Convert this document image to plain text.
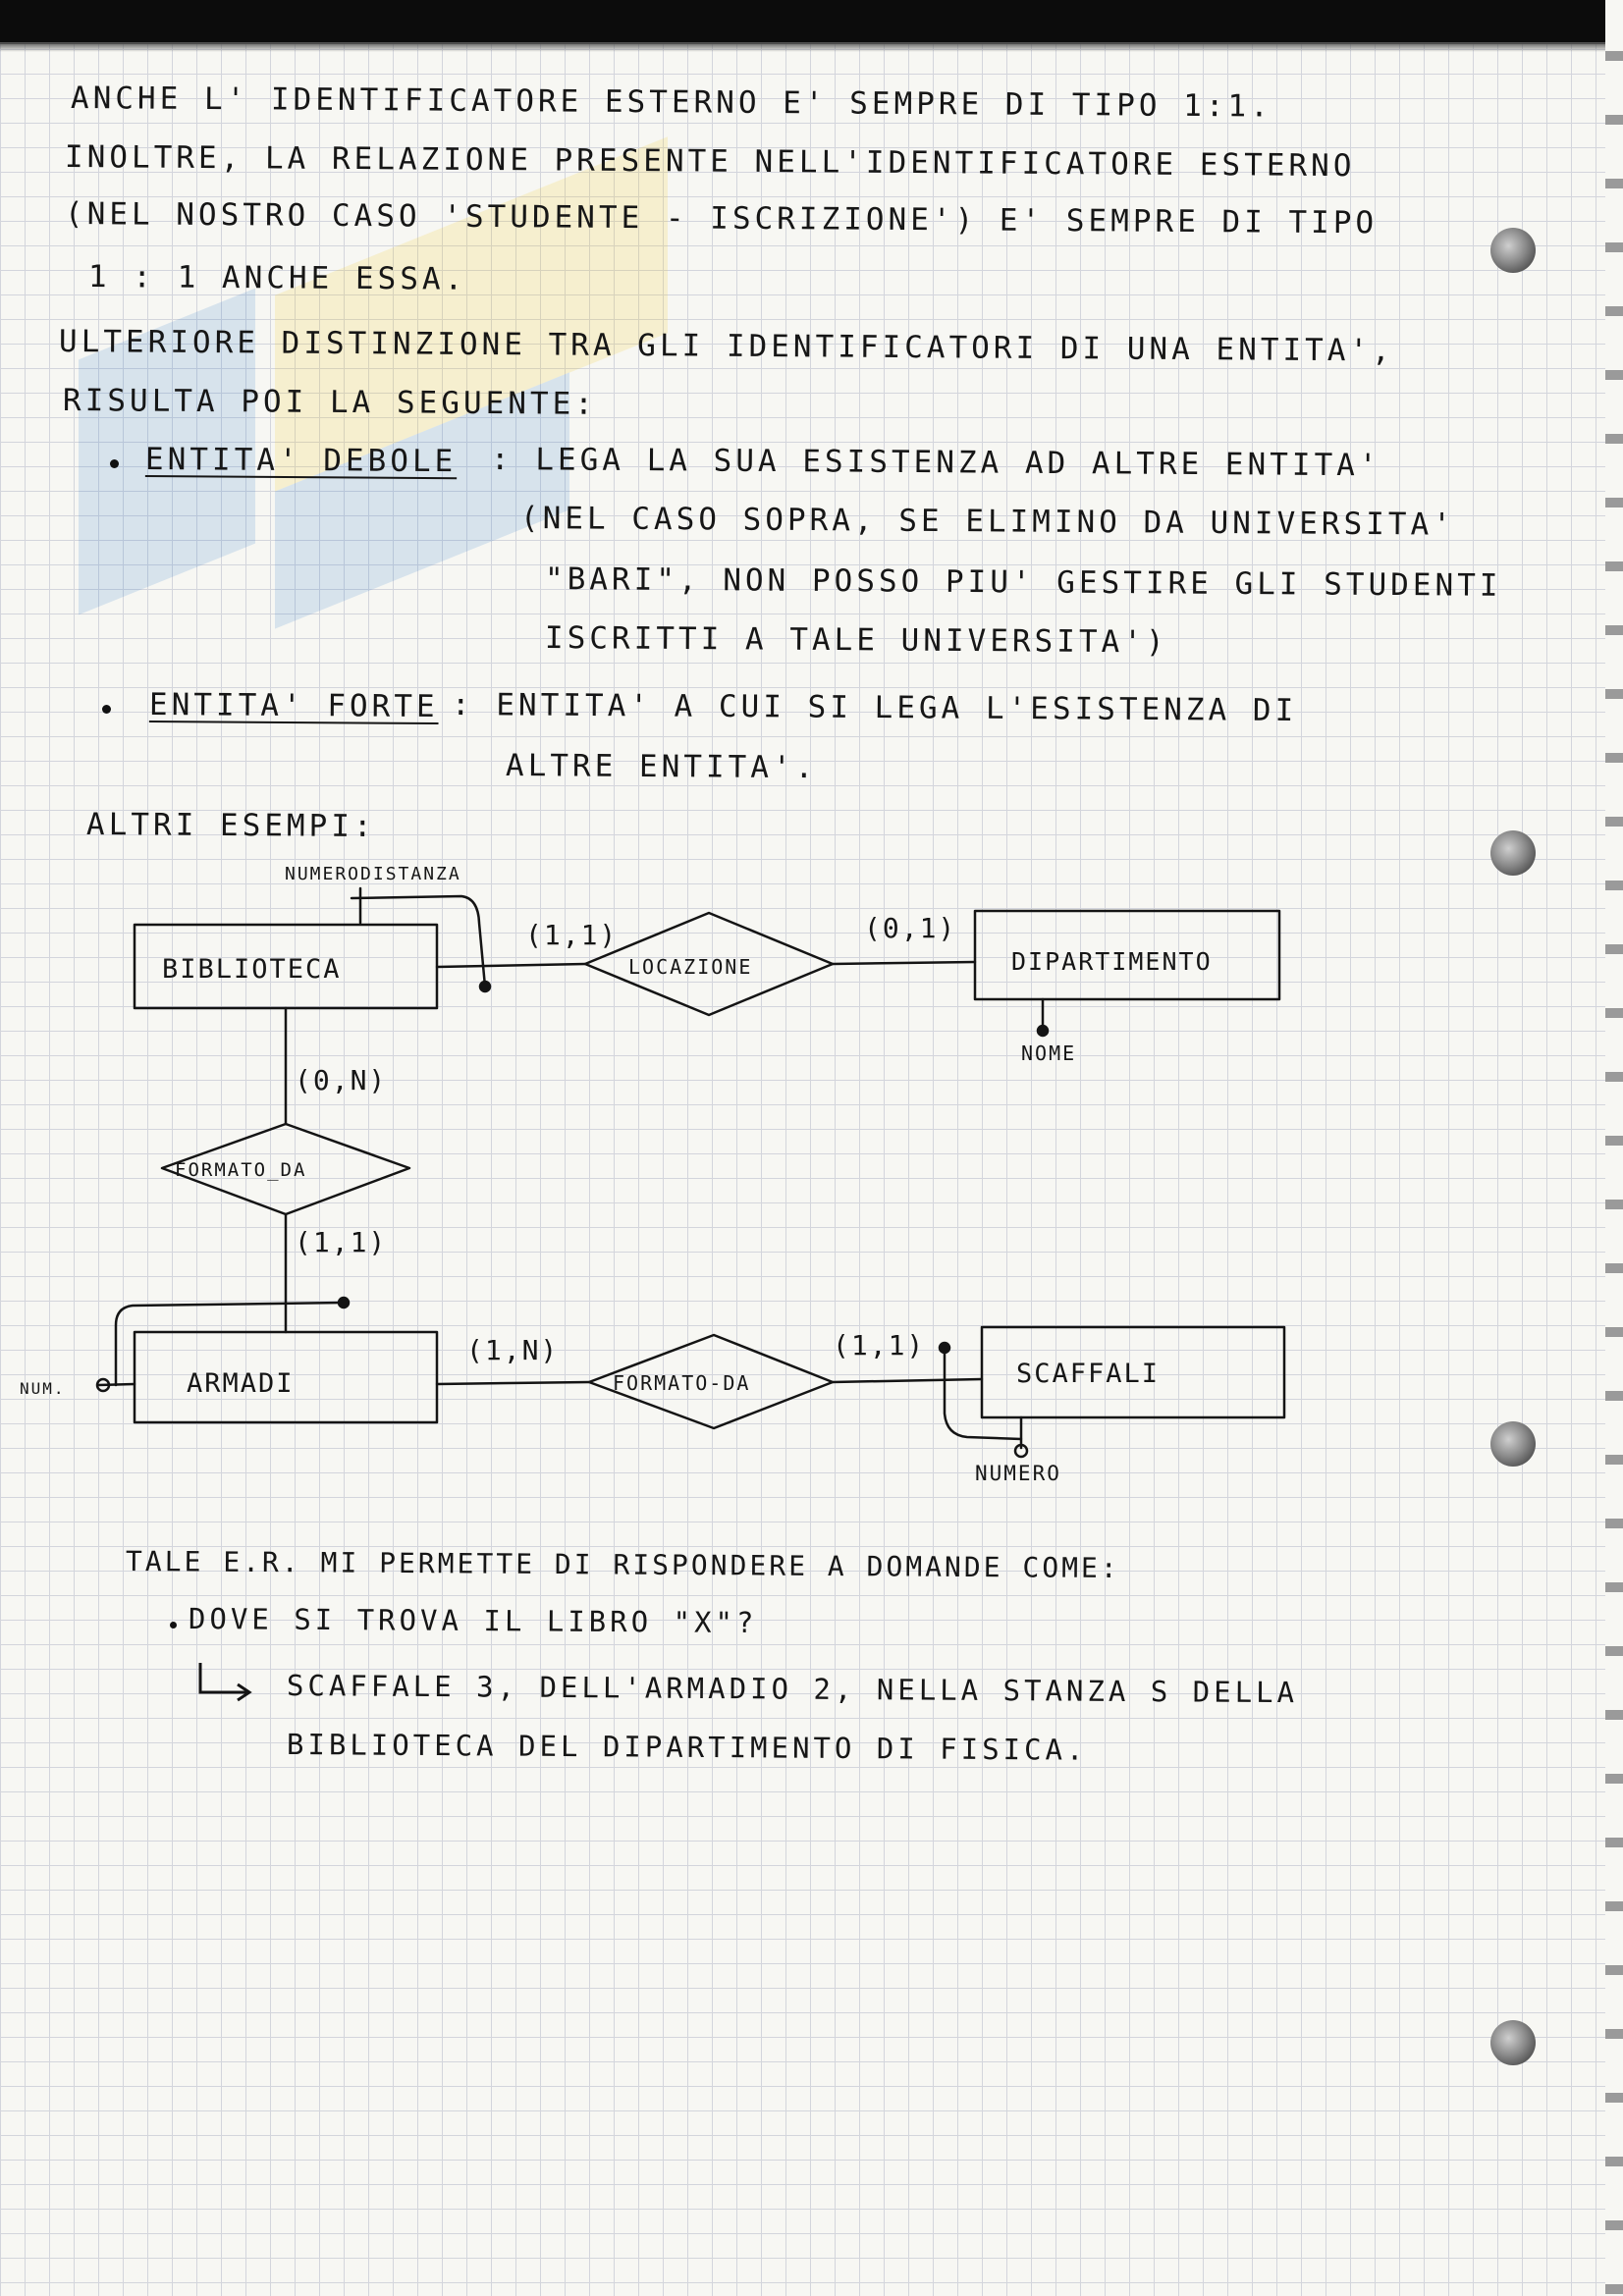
ANCHE L' IDENTIFICATORE ESTERNO E' SEMPRE DI TIPO 1:1.
INOLTRE, LA RELAZIONE PRESENTE NELL'IDENTIFICATORE ESTERNO
(NEL NOSTRO CASO 'STUDENTE - ISCRIZIONE') E' SEMPRE DI TIPO
1 : 1 ANCHE ESSA.
ULTERIORE DISTINZIONE TRA GLI IDENTIFICATORI DI UNA ENTITA',
RISULTA POI LA SEGUENTE:
ENTITA' DEBOLE : LEGA LA SUA ESISTENZA AD ALTRE ENTITA'
(NEL CASO SOPRA, SE ELIMINO DA UNIVERSITA'
"BARI", NON POSSO PIU' GESTIRE GLI STUDENTI
ISCRITTI A TALE UNIVERSITA')
ENTITA' FORTE : ENTITA' A CUI SI LEGA L'ESISTENZA DI
ALTRE ENTITA'.
ALTRI ESEMPI:
BIBLIOTECA	LOCAZIONE	DIPARTIMENTO
NUMERODISTANZA
NOME
(1,1)	(0,1)
(0,N)
FORMATO_DA
(1,1)
ARMADI
NUM.
(1,N)
FORMATO-DA
(1,1)
SCAFFALI
NUMERO
TALE E.R. MI PERMETTE DI RISPONDERE A DOMANDE COME:
DOVE SI TROVA IL LIBRO "X"?
SCAFFALE 3, DELL'ARMADIO 2, NELLA STANZA S DELLA
BIBLIOTECA DEL DIPARTIMENTO DI FISICA.
